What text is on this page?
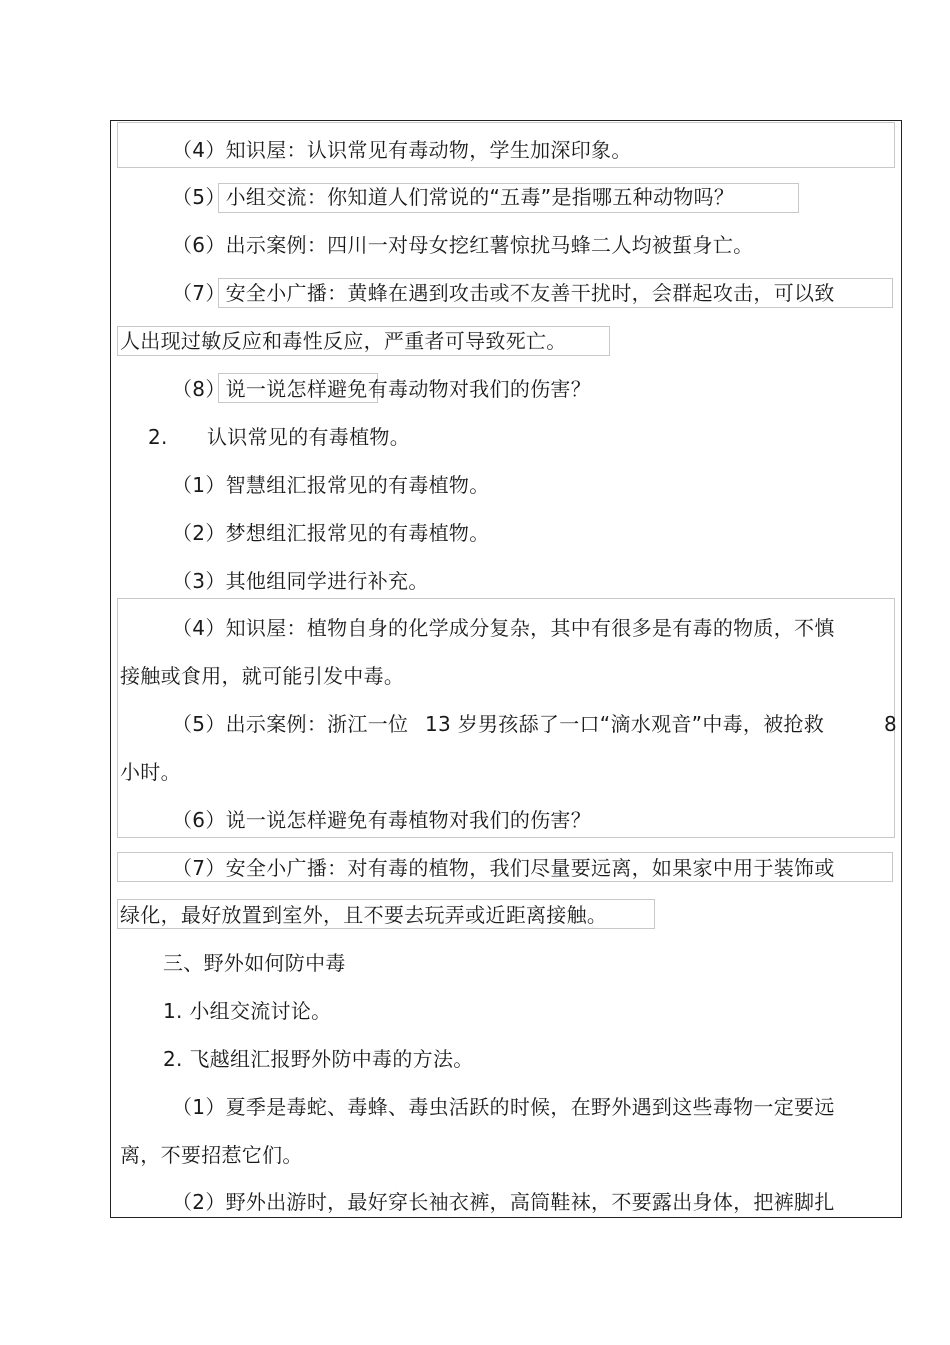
（4）知识屋：认识常见有毒动物，学生加深印象。
（5）小组交流：你知道人们常说的“五毒”是指哪五种动物吗？
（6）出示案例：四川一对母女挖红薯惊扰马蜂二人均被蜇身亡。
（7）安全小广播：黄蜂在遇到攻击或不友善干扰时，会群起攻击，可以致
人出现过敏反应和毒性反应，严重者可导致死亡。
（8）说一说怎样避免有毒动物对我们的伤害？
2. 认识常见的有毒植物。
（1）智慧组汇报常见的有毒植物。
（2）梦想组汇报常见的有毒植物。
（3）其他组同学进行补充。
（4）知识屋：植物自身的化学成分复杂，其中有很多是有毒的物质，不慎
接触或食用，就可能引发中毒。
（5）出示案例：浙江一位 13 岁男孩舔了一口“滴水观音”中毒，被抢救	8
小时。
（6）说一说怎样避免有毒植物对我们的伤害？
（7）安全小广播：对有毒的植物，我们尽量要远离，如果家中用于装饰或
绿化，最好放置到室外，且不要去玩弄或近距离接触。
三、野外如何防中毒
1. 小组交流讨论。
2. 飞越组汇报野外防中毒的方法。
（1）夏季是毒蛇、毒蜂、毒虫活跃的时候，在野外遇到这些毒物一定要远
离，不要招惹它们。
（2）野外出游时，最好穿长袖衣裤，高筒鞋袜，不要露出身体，把裤脚扎
